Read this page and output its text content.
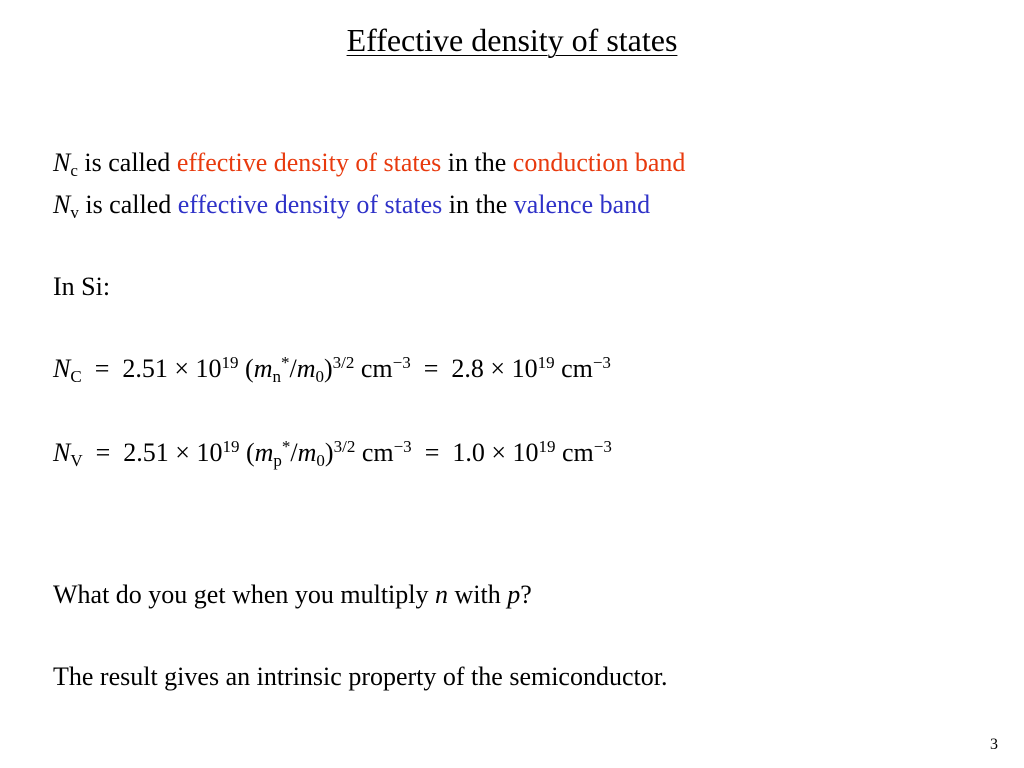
Effective density of states
$N_c$ is called effective density of states in the conduction band
$N_v$ is called effective density of states in the valence band
In Si:
$N_C = 2.51 \times 10^{19}$ $(m_n^*/m_0)^{3/2}$ $cm^{-3} = 2.8 \times 10^{19}$ $cm^{-3}$
$N_V = 2.51 \times 10^{19}$ $(m_p^*/m_0)^{3/2}$ $cm^{-3} = 1.0 \times 10^{19}$ $cm^{-3}$
What do you get when you multiply n with p?
The result gives an intrinsic property of the semiconductor.
3
